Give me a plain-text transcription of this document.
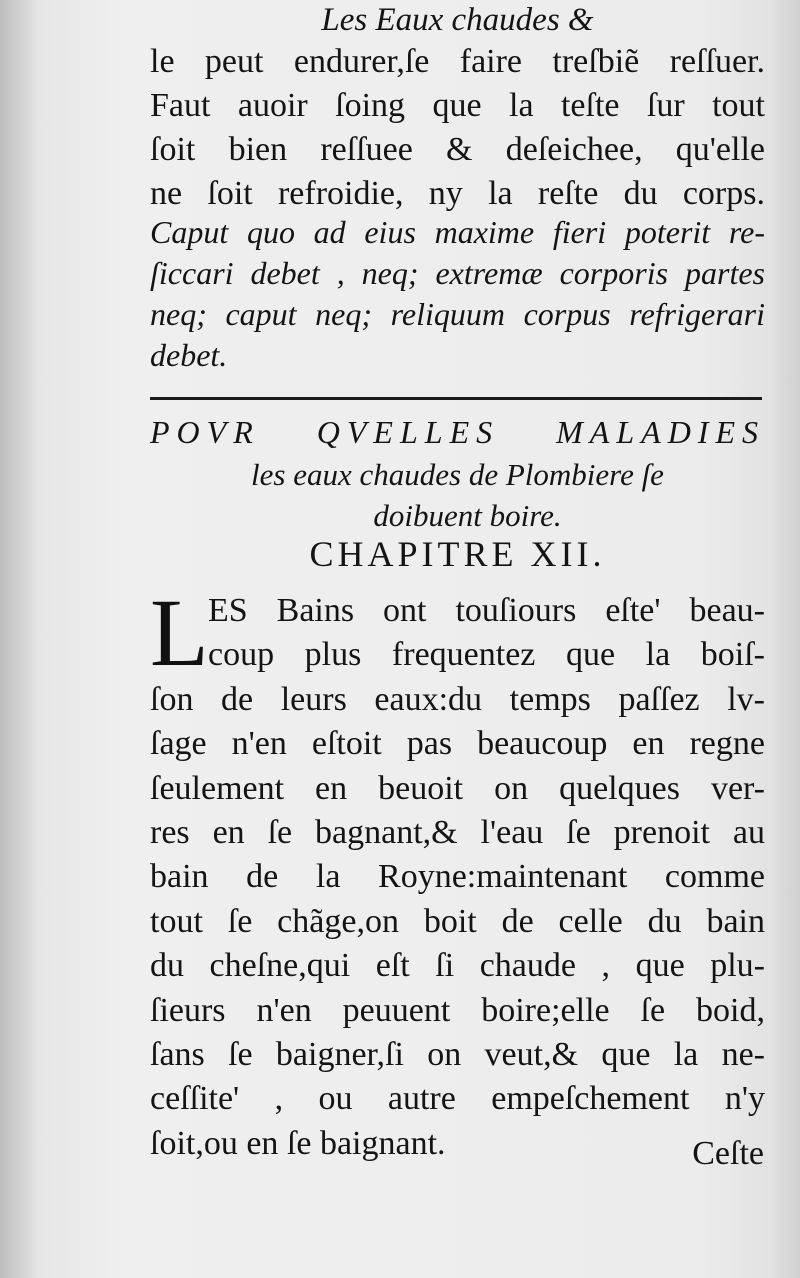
Les Eaux chaudes &
le peut endurer,ſe faire treſbiẽ reſſuer.
Faut auoir ſoing que la teſte ſur tout
ſoit bien reſſuee & deſeichee, qu'elle
ne ſoit refroidie, ny la reſte du corps.
Caput quo ad eius maxime fieri poterit re-
ſiccari debet , neq; extremæ corporis partes
neq; caput neq; reliquum corpus refrigerari
debet.
POVR QVELLES MALADIES
les eaux chaudes de Plombiere ſe
doibuent boire.
CHAPITRE XII.
L ES Bains ont touſiours eſte' beau-
coup plus frequentez que la boiſ-
ſon de leurs eaux:du temps paſſez lv-
ſage n'en eſtoit pas beaucoup en regne
ſeulement en beuoit on quelques ver-
res en ſe bagnant,& l'eau ſe prenoit au
bain de la Royne:maintenant comme
tout ſe chãge,on boit de celle du bain
du cheſne,qui eſt ſi chaude , que plu-
ſieurs n'en peuuent boire;elle ſe boid,
ſans ſe baigner,ſi on veut,& que la ne-
ceſſite' , ou autre empeſchement n'y
ſoit,ou en ſe baignant.	Ceſte
